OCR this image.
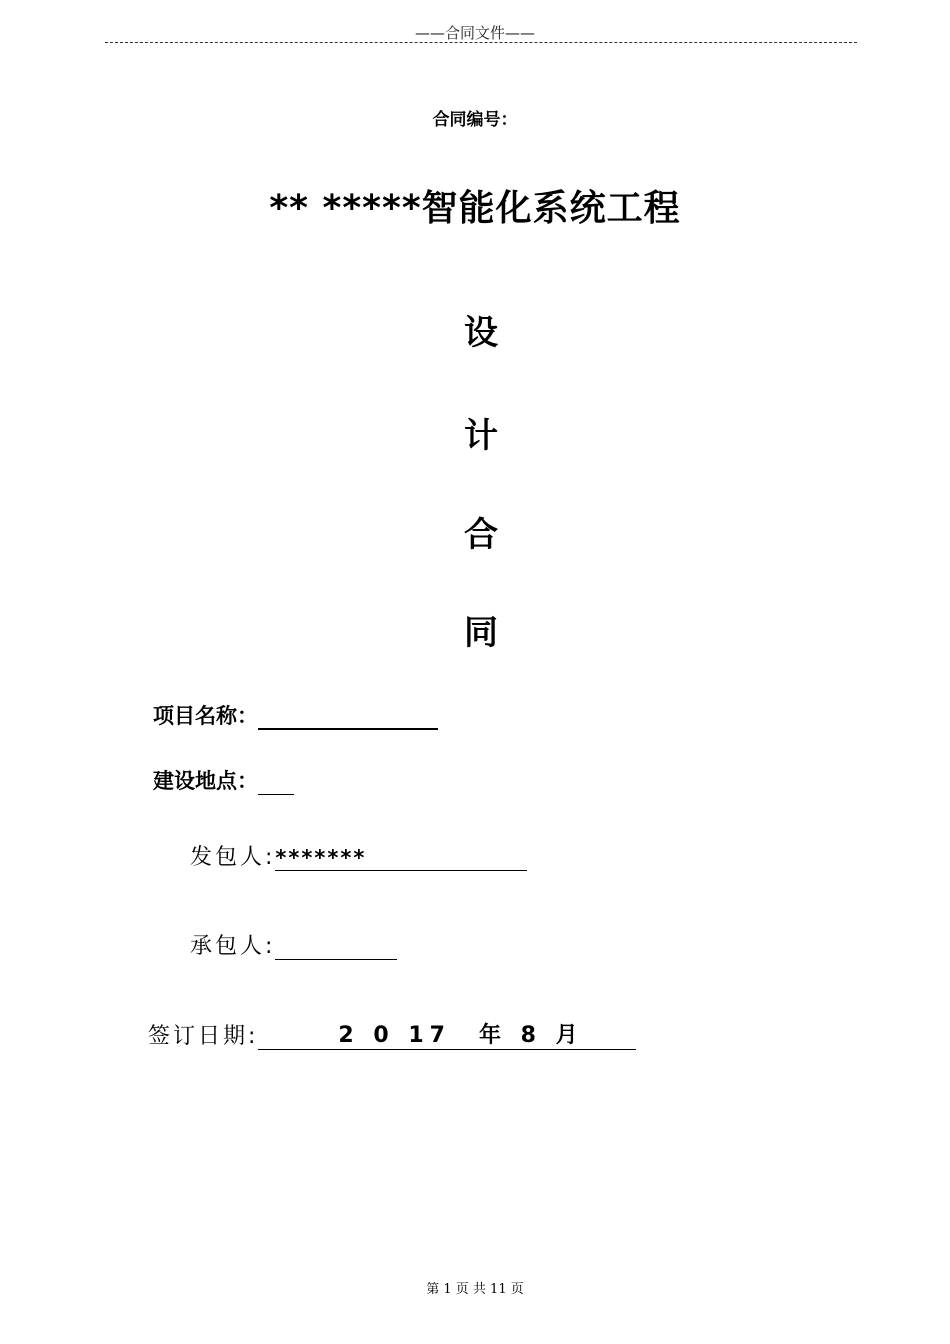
——合同文件——
合同编号：
** *****智能化系统工程
设
计
合
同
项目名称：
建设地点：
发包人:*******
承包人:
签订日期:	2 0 17　年 8 月
第 1 页 共 11 页
